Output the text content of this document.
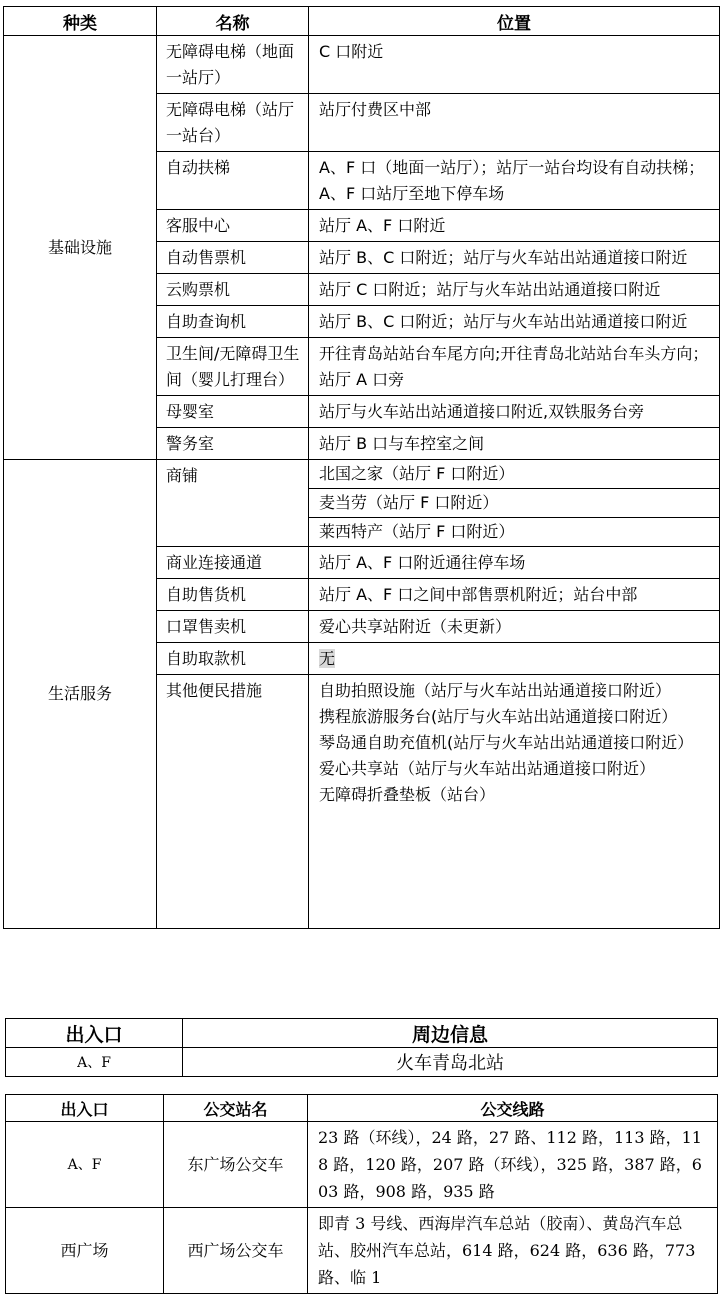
种类	名称	位置
基础设施	无障碍电梯（地面一站厅）	C 口附近
	无障碍电梯（站厅一站台）	站厅付费区中部
	自动扶梯	A、F 口（地面一站厅）；站厅一站台均设有自动扶梯；A、F 口站厅至地下停车场
	客服中心	站厅 A、F 口附近
	自动售票机	站厅 B、C 口附近；站厅与火车站出站通道接口附近
	云购票机	站厅 C 口附近；站厅与火车站出站通道接口附近
	自助查询机	站厅 B、C 口附近；站厅与火车站出站通道接口附近
	卫生间/无障碍卫生间（婴儿打理台）	开往青岛站站台车尾方向;开往青岛北站站台车头方向；站厅 A 口旁
	母婴室	站厅与火车站出站通道接口附近,双铁服务台旁
	警务室	站厅 B 口与车控室之间
生活服务	商铺	北国之家（站厅 F 口附近）
		麦当劳（站厅 F 口附近）
		莱西特产（站厅 F 口附近）
	商业连接通道	站厅 A、F 口附近通往停车场
	自助售货机	站厅 A、F 口之间中部售票机附近；站台中部
	口罩售卖机	爱心共享站附近（未更新）
	自助取款机	无
	其他便民措施	自助拍照设施（站厅与火车站出站通道接口附近）
携程旅游服务台(站厅与火车站出站通道接口附近）
琴岛通自助充值机(站厅与火车站出站通道接口附近）
爱心共享站（站厅与火车站出站通道接口附近）
无障碍折叠垫板（站台）
出入口	周边信息
A、F	火车青岛北站
出入口	公交站名	公交线路
A、F	东广场公交车	23 路（环线），24 路，27 路、112 路，113 路，118 路，120 路，207 路（环线），325 路，387 路，603 路，908 路，935 路
西广场	西广场公交车	即青 3 号线、西海岸汽车总站（胶南）、黄岛汽车总站、胶州汽车总站，614 路，624 路，636 路，773 路、临 1
